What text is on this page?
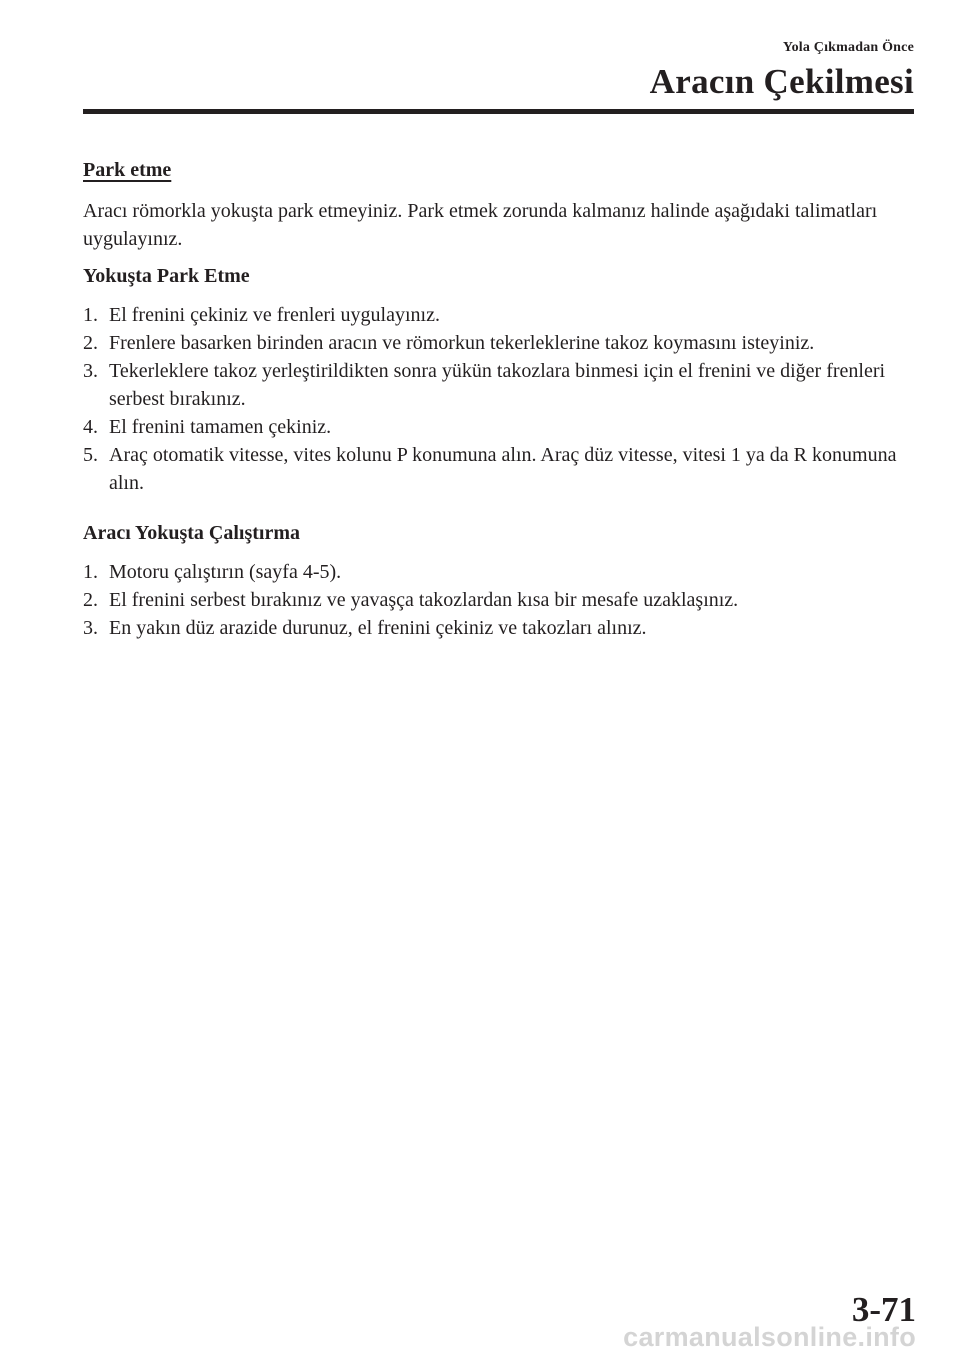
Yola Çıkmadan Önce
Aracın Çekilmesi
Park etme

Aracı römorkla yokuşta park etmeyiniz. Park etmek zorunda kalmanız halinde aşağıdaki talimatları uygulayınız.

Yokuşta Park Etme
1. El frenini çekiniz ve frenleri uygulayınız.
2. Frenlere basarken birinden aracın ve römorkun tekerleklerine takoz koymasını isteyiniz.
3. Tekerleklere takoz yerleştirildikten sonra yükün takozlara binmesi için el frenini ve diğer frenleri serbest bırakınız.
4. El frenini tamamen çekiniz.
5. Araç otomatik vitesse, vites kolunu P konumuna alın. Araç düz vitesse, vitesi 1 ya da R konumuna alın.
Aracı Yokuşta Çalıştırma
1. Motoru çalıştırın (sayfa 4-5).
2. El frenini serbest bırakınız ve yavaşça takozlardan kısa bir mesafe uzaklaşınız.
3. En yakın düz arazide durunuz, el frenini çekiniz ve takozları alınız.
3-71
carmanualsonline.info
